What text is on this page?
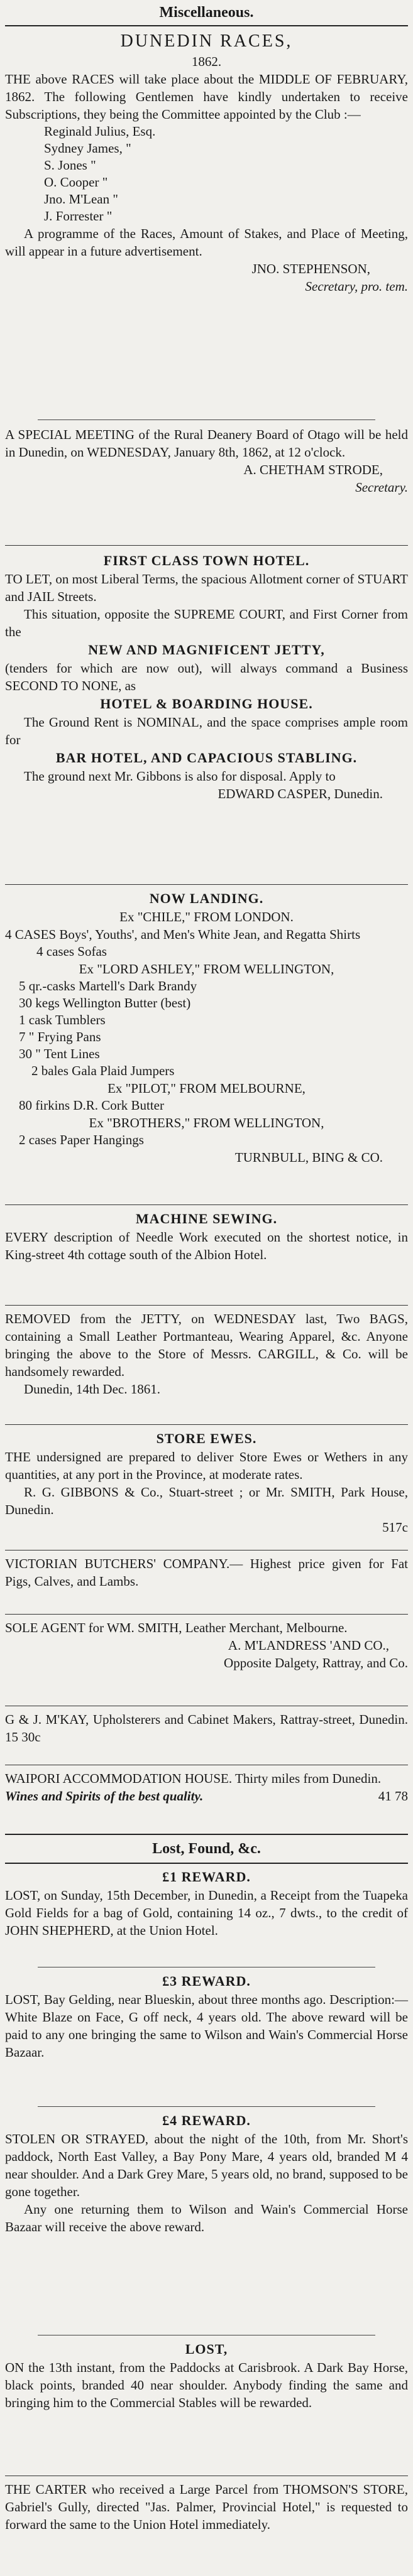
Miscellaneous.

DUNEDIN RACES,

1862.

THE above RACES will take place about the MIDDLE OF FEBRUARY, 1862. The following Gentlemen have kindly undertaken to receive Subscriptions, they being the Committee appointed by the Club :—

Reginald Julius, Esq.
Sydney James, "
S. Jones "
O. Cooper "
Jno. M'Lean "
J. Forrester "

A programme of the Races, Amount of Stakes, and Place of Meeting, will appear in a future advertisement.

JNO. STEPHENSON,

Secretary, pro. tem.

A SPECIAL MEETING of the Rural Deanery Board of Otago will be held in Dunedin, on WEDNESDAY, January 8th, 1862, at 12 o'clock.

A. CHETHAM STRODE,

Secretary.

FIRST CLASS TOWN HOTEL.

TO LET, on most Liberal Terms, the spacious Allotment corner of STUART and JAIL Streets.

This situation, opposite the SUPREME COURT, and First Corner from the

NEW AND MAGNIFICENT JETTY,

(tenders for which are now out), will always command a Business SECOND TO NONE, as

HOTEL & BOARDING HOUSE.

The Ground Rent is NOMINAL, and the space comprises ample room for

BAR HOTEL, AND CAPACIOUS STABLING.

The ground next Mr. Gibbons is also for disposal. Apply to

EDWARD CASPER, Dunedin.

NOW LANDING.

Ex "CHILE," FROM LONDON.

4 CASES Boys', Youths', and Men's White Jean, and Regatta Shirts

4 cases Sofas

Ex "LORD ASHLEY," FROM WELLINGTON,

5 qr.-casks Martell's Dark Brandy
30 kegs Wellington Butter (best)
1 cask Tumblers
7 " Frying Pans
30 " Tent Lines
2 bales Gala Plaid Jumpers

Ex "PILOT," FROM MELBOURNE,

80 firkins D.R. Cork Butter

Ex "BROTHERS," FROM WELLINGTON,

2 cases Paper Hangings

TURNBULL, BING & CO.

MACHINE SEWING.

EVERY description of Needle Work executed on the shortest notice, in King-street 4th cottage south of the Albion Hotel.

REMOVED from the JETTY, on WEDNESDAY last, Two BAGS, containing a Small Leather Portmanteau, Wearing Apparel, &c. Anyone bringing the above to the Store of Messrs. CARGILL, & Co. will be handsomely rewarded.

Dunedin, 14th Dec. 1861.

STORE EWES.

THE undersigned are prepared to deliver Store Ewes or Wethers in any quantities, at any port in the Province, at moderate rates.

R. G. GIBBONS & Co., Stuart-street ; or Mr. SMITH, Park House, Dunedin.

517c

VICTORIAN BUTCHERS' COMPANY.— Highest price given for Fat Pigs, Calves, and Lambs.

SOLE AGENT for WM. SMITH, Leather Merchant, Melbourne.

A. M'LANDRESS 'AND CO.,

Opposite Dalgety, Rattray, and Co.

G & J. M'KAY, Upholsterers and Cabinet Makers, Rattray-street, Dunedin. 15 30c

WAIPORI ACCOMMODATION HOUSE. Thirty miles from Dunedin.

Wines and Spirits of the best quality.	41 78

Lost, Found, &c.

£1 REWARD.

LOST, on Sunday, 15th December, in Dunedin, a Receipt from the Tuapeka Gold Fields for a bag of Gold, containing 14 oz., 7 dwts., to the credit of JOHN SHEPHERD, at the Union Hotel.

£3 REWARD.

LOST, Bay Gelding, near Blueskin, about three months ago. Description:—White Blaze on Face, G off neck, 4 years old. The above reward will be paid to any one bringing the same to Wilson and Wain's Commercial Horse Bazaar.

£4 REWARD.

STOLEN OR STRAYED, about the night of the 10th, from Mr. Short's paddock, North East Valley, a Bay Pony Mare, 4 years old, branded M 4 near shoulder. And a Dark Grey Mare, 5 years old, no brand, supposed to be gone together.

Any one returning them to Wilson and Wain's Commercial Horse Bazaar will receive the above reward.

LOST,

ON the 13th instant, from the Paddocks at Carisbrook. A Dark Bay Horse, black points, branded 40 near shoulder. Anybody finding the same and bringing him to the Commercial Stables will be rewarded.

THE CARTER who received a Large Parcel from THOMSON'S STORE, Gabriel's Gully, directed "Jas. Palmer, Provincial Hotel," is requested to forward the same to the Union Hotel immediately.
